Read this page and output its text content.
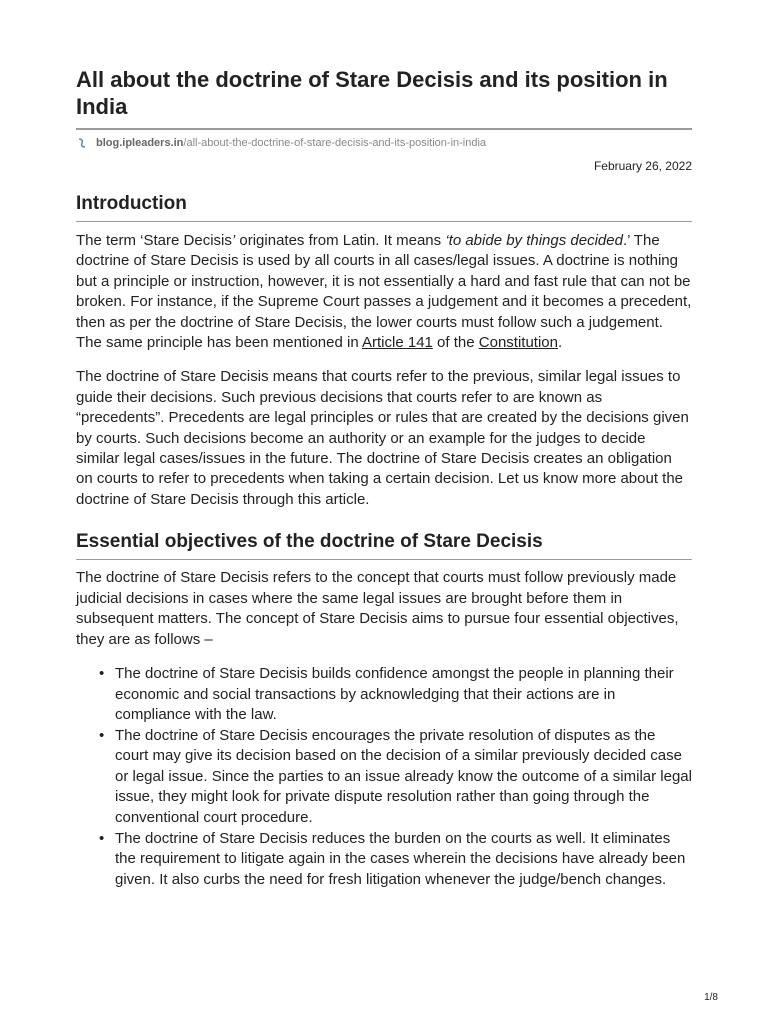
All about the doctrine of Stare Decisis and its position in India
blog.ipleaders.in /all-about-the-doctrine-of-stare-decisis-and-its-position-in-india
February 26, 2022
Introduction

The term ‘Stare Decisis’ originates from Latin. It means ‘to abide by things decided.’ The doctrine of Stare Decisis is used by all courts in all cases/legal issues. A doctrine is nothing but a principle or instruction, however, it is not essentially a hard and fast rule that can not be broken. For instance, if the Supreme Court passes a judgement and it becomes a precedent, then as per the doctrine of Stare Decisis, the lower courts must follow such a judgement. The same principle has been mentioned in Article 141 of the Constitution.

The doctrine of Stare Decisis means that courts refer to the previous, similar legal issues to guide their decisions. Such previous decisions that courts refer to are known as “precedents”. Precedents are legal principles or rules that are created by the decisions given by courts. Such decisions become an authority or an example for the judges to decide similar legal cases/issues in the future. The doctrine of Stare Decisis creates an obligation on courts to refer to precedents when taking a certain decision. Let us know more about the doctrine of Stare Decisis through this article.

Essential objectives of the doctrine of Stare Decisis

The doctrine of Stare Decisis refers to the concept that courts must follow previously made judicial decisions in cases where the same legal issues are brought before them in subsequent matters. The concept of Stare Decisis aims to pursue four essential objectives, they are as follows –

• The doctrine of Stare Decisis builds confidence amongst the people in planning their economic and social transactions by acknowledging that their actions are in compliance with the law.
• The doctrine of Stare Decisis encourages the private resolution of disputes as the court may give its decision based on the decision of a similar previously decided case or legal issue. Since the parties to an issue already know the outcome of a similar legal issue, they might look for private dispute resolution rather than going through the conventional court procedure.
• The doctrine of Stare Decisis reduces the burden on the courts as well. It eliminates the requirement to litigate again in the cases wherein the decisions have already been given. It also curbs the need for fresh litigation whenever the judge/bench changes.
1/8
